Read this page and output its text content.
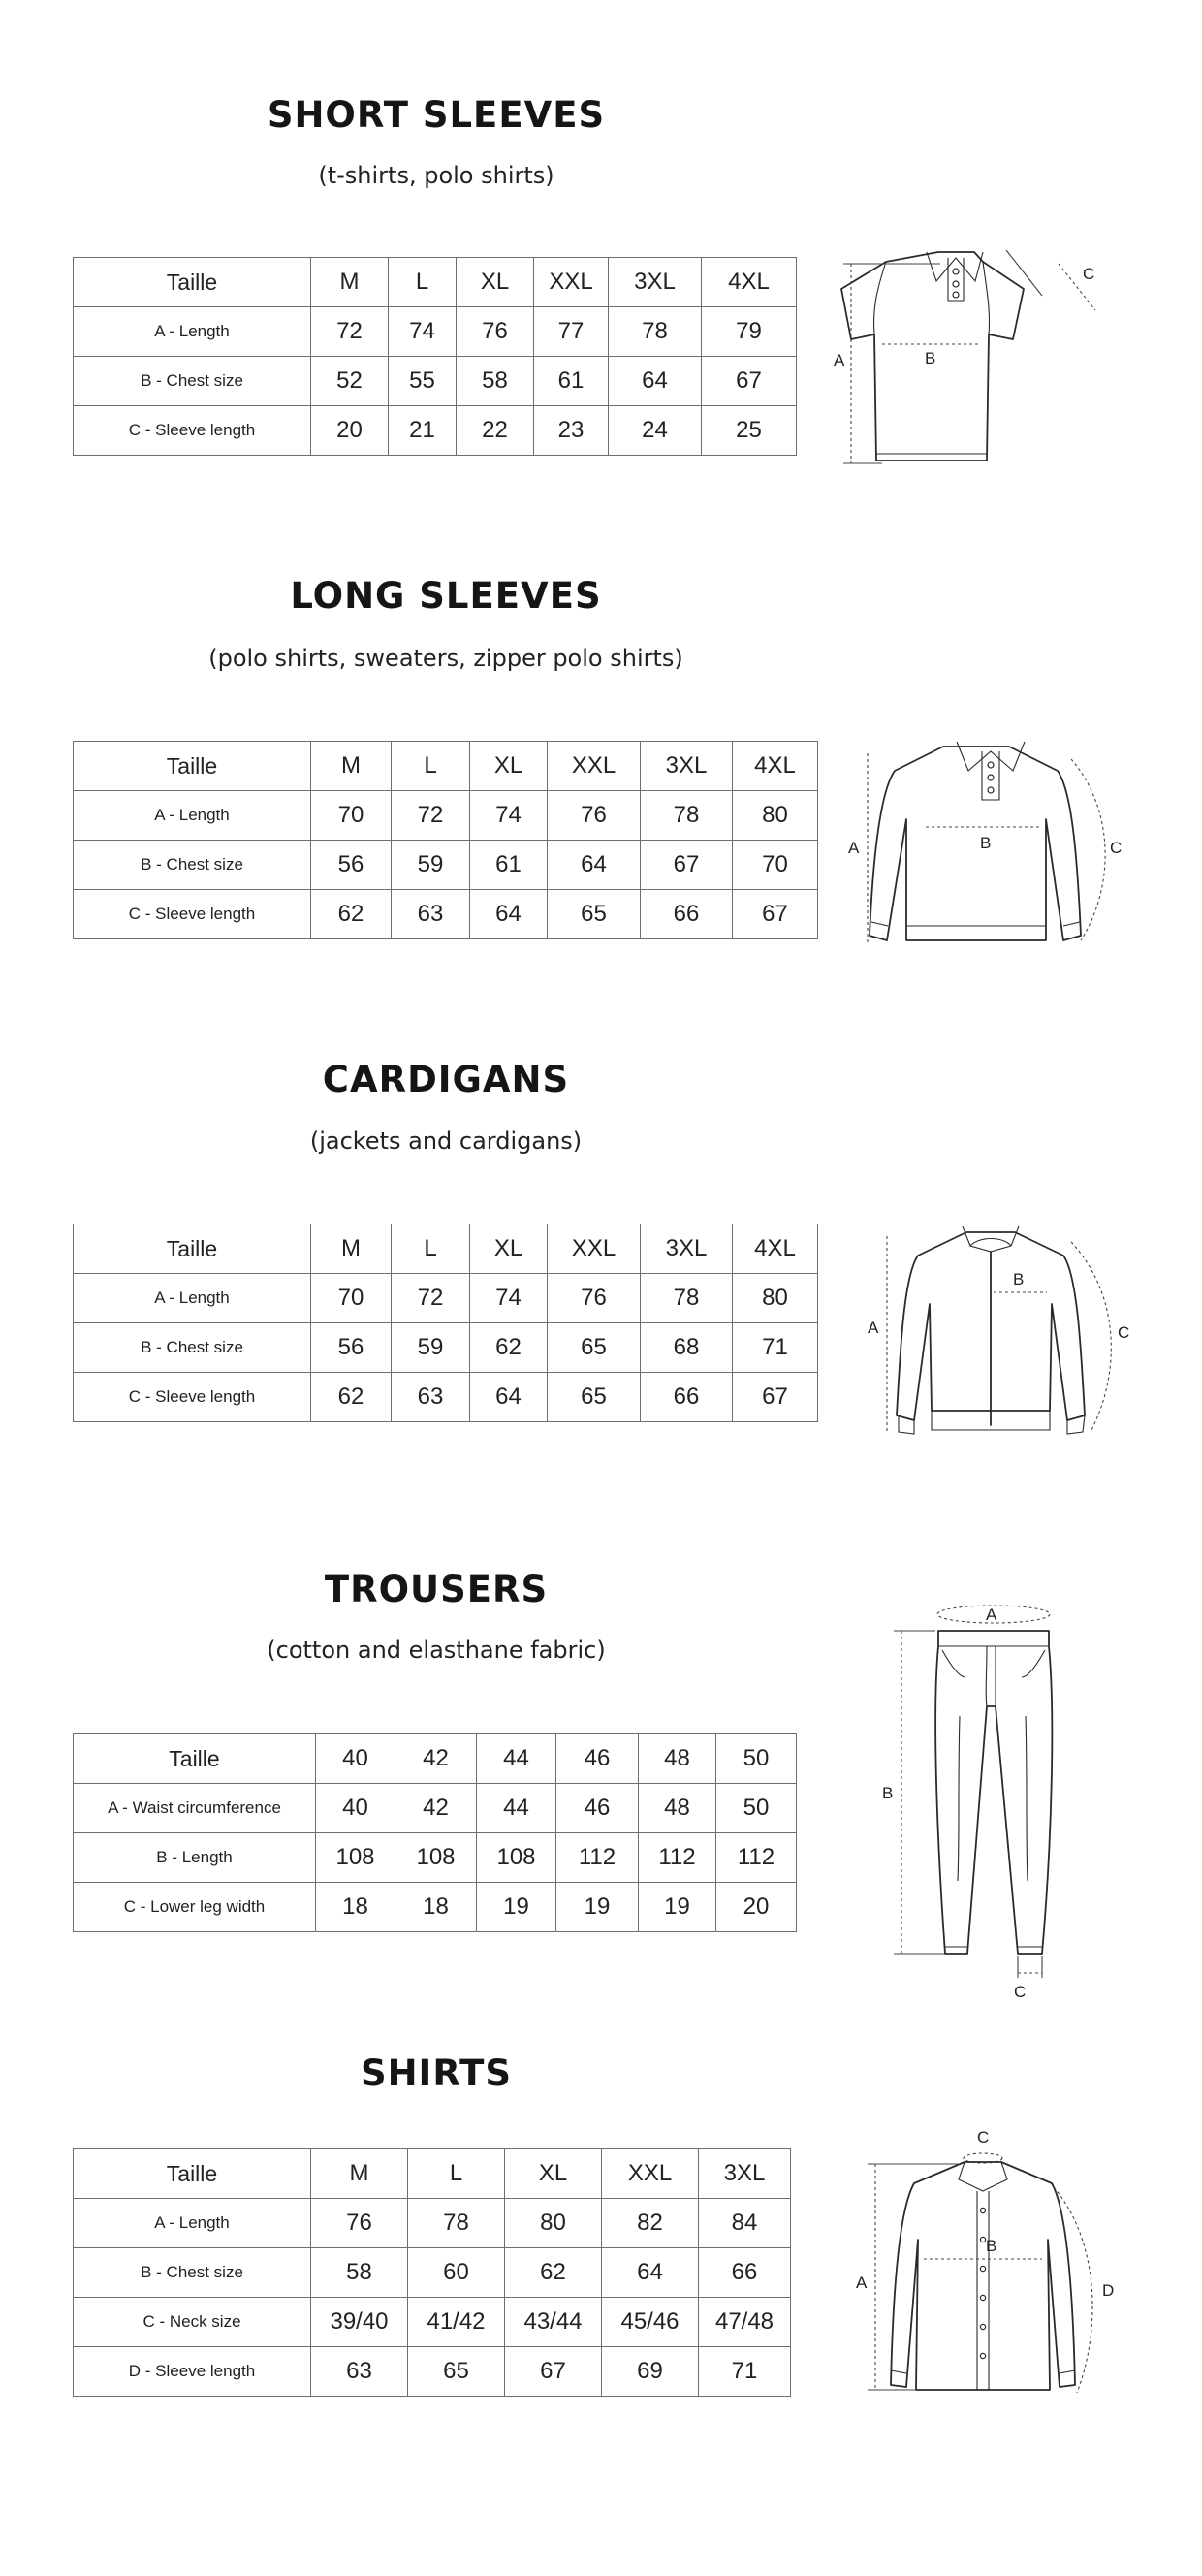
SHORT SLEEVES

(t-shirts, polo shirts)

Taille	M	L	XL	XXL	3XL	4XL
A - Length	72	74	76	77	78	79
B - Chest size	52	55	58	61	64	67
C - Sleeve length	20	21	22	23	24	25
A	B
C
LONG SLEEVES

(polo shirts, sweaters, zipper polo shirts)

Taille	M	L	XL	XXL	3XL	4XL
A - Length	70	72	74	76	78	80
B - Chest size	56	59	61	64	67	70
C - Sleeve length	62	63	64	65	66	67
A	B	C
CARDIGANS

(jackets and cardigans)

Taille	M	L	XL	XXL	3XL	4XL
A - Length	70	72	74	76	78	80
B - Chest size	56	59	62	65	68	71
C - Sleeve length	62	63	64	65	66	67
A
B
C
TROUSERS

(cotton and elasthane fabric)

Taille	40	42	44	46	48	50
A - Waist circumference	40	42	44	46	48	50
B - Length	108	108	108	112	112	112
C - Lower leg width	18	18	19	19	19	20
A
B
C
SHIRTS
Taille	M	L	XL	XXL	3XL
A - Length	76	78	80	82	84
B - Chest size	58	60	62	64	66
C - Neck size	39/40	41/42	43/44	45/46	47/48
D - Sleeve length	63	65	67	69	71
C
A
B
D
